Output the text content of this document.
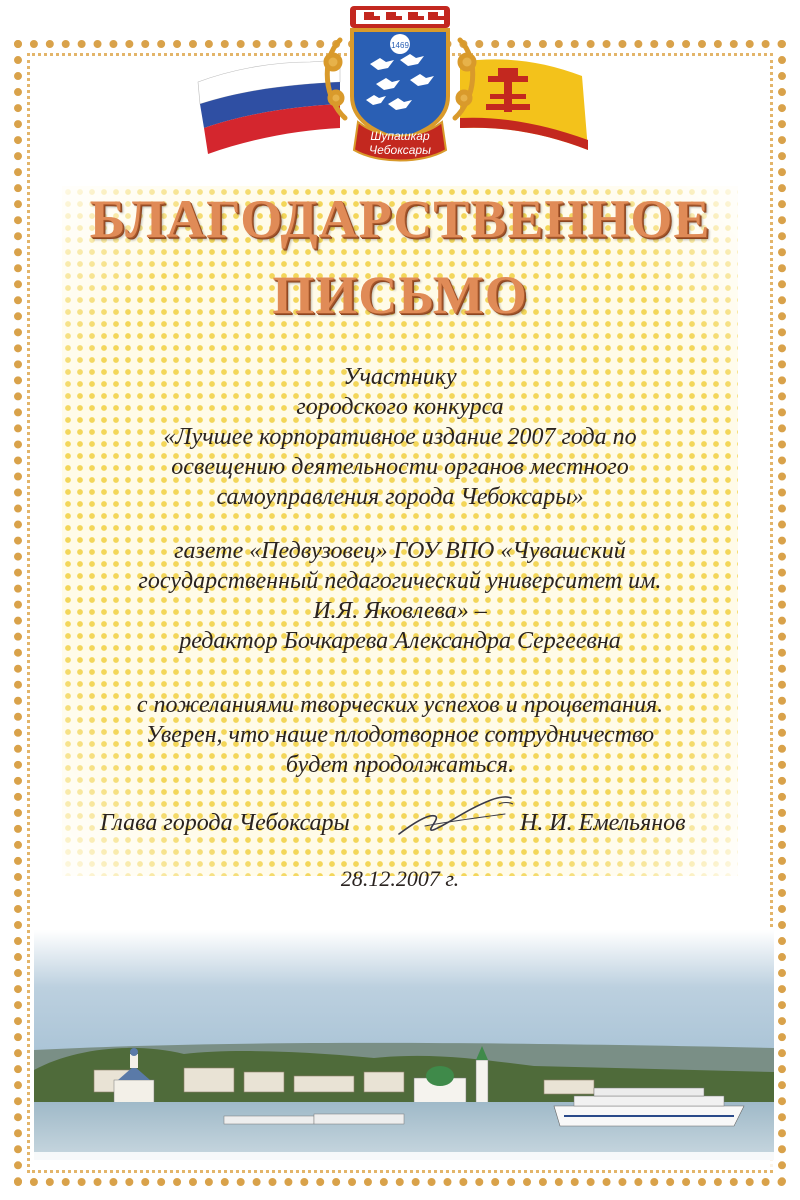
1469
Шупашкар
Чебоксары
БЛАГОДАРСТВЕННОЕ
ПИСЬМО
Участнику
городского конкурса
«Лучшее корпоративное издание 2007 года по
освещению деятельности органов местного
самоуправления города Чебоксары»
газете «Педвузовец» ГОУ ВПО «Чувашский
государственный педагогический университет им.
И.Я. Яковлева» –
редактор Бочкарева Александра Сергеевна
с пожеланиями творческих успехов и процветания.
Уверен, что наше плодотворное сотрудничество
будет продолжаться.
Глава города Чебоксары	Н. И. Емельянов
28.12.2007 г.
